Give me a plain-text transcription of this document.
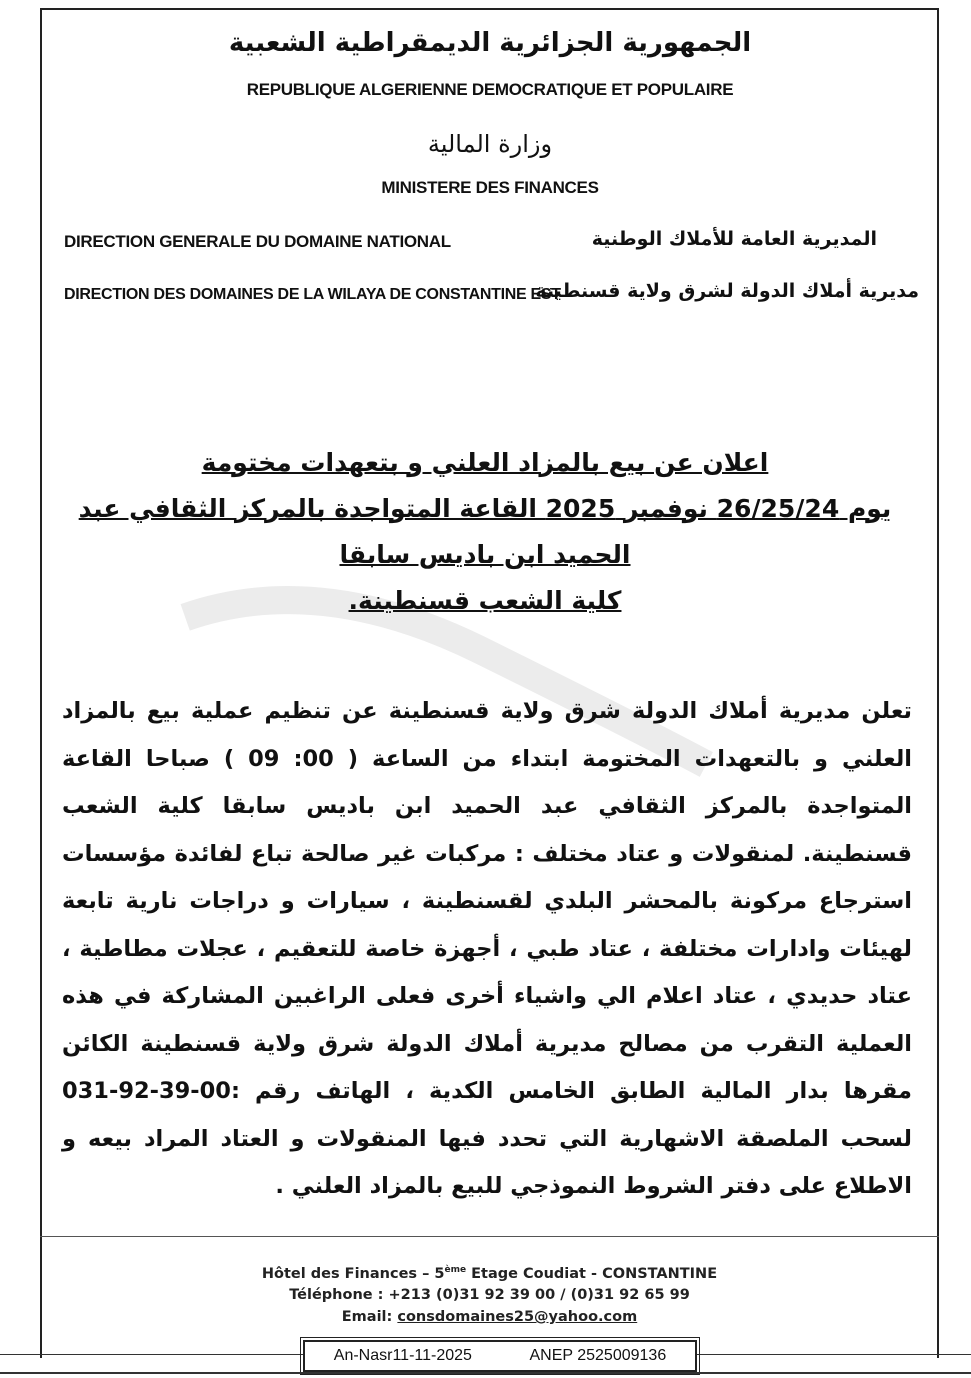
الجمهورية الجزائرية الديمقراطية الشعبية
REPUBLIQUE ALGERIENNE DEMOCRATIQUE ET POPULAIRE
وزارة المالية
MINISTERE DES FINANCES
DIRECTION GENERALE DU DOMAINE NATIONAL
DIRECTION DES DOMAINES DE LA WILAYA DE CONSTANTINE EST
المديرية العامة للأملاك الوطنية
مديرية أملاك الدولة لشرق ولاية قسنطينة
اعلان عن بيع بالمزاد العلني و بتعهدات مختومة
يوم 26/25/24 نوفمبر 2025 القاعة المتواجدة بالمركز الثقافي عبد الحميد ابن باديس سابقا
كلية الشعب قسنطينة.
تعلن مديرية أملاك الدولة شرق ولاية قسنطينة عن تنظيم عملية بيع بالمزاد العلني و بالتعهدات المختومة ابتداء من الساعة ( 00: 09 ) صباحا القاعة المتواجدة بالمركز الثقافي عبد الحميد ابن باديس سابقا كلية الشعب قسنطينة. لمنقولات و عتاد مختلف : مركبات غير صالحة تباع لفائدة مؤسسات استرجاع مركونة بالمحشر البلدي لقسنطينة ، سيارات و دراجات نارية تابعة لهيئات وادارات مختلفة ، عتاد طبي ، أجهزة خاصة للتعقيم ، عجلات مطاطية ، عتاد حديدي ، عتاد اعلام الي واشياء أخرى فعلى الراغبين المشاركة في هذه العملية التقرب من مصالح مديرية أملاك الدولة شرق ولاية قسنطينة الكائن مقرها بدار المالية الطابق الخامس الكدية ، الهاتف رقم :00-39-92-031 لسحب الملصقة الاشهارية التي تحدد فيها المنقولات و العتاد المراد بيعه و الاطلاع على دفتر الشروط النموذجي للبيع بالمزاد العلني .
Hôtel des Finances – 5ème Etage Coudiat - CONSTANTINE
Téléphone : +213 (0)31 92 39 00 / (0)31 92 65 99
Email: consdomaines25@yahoo.com
An-Nasr11-11-2025	ANEP 2525009136
